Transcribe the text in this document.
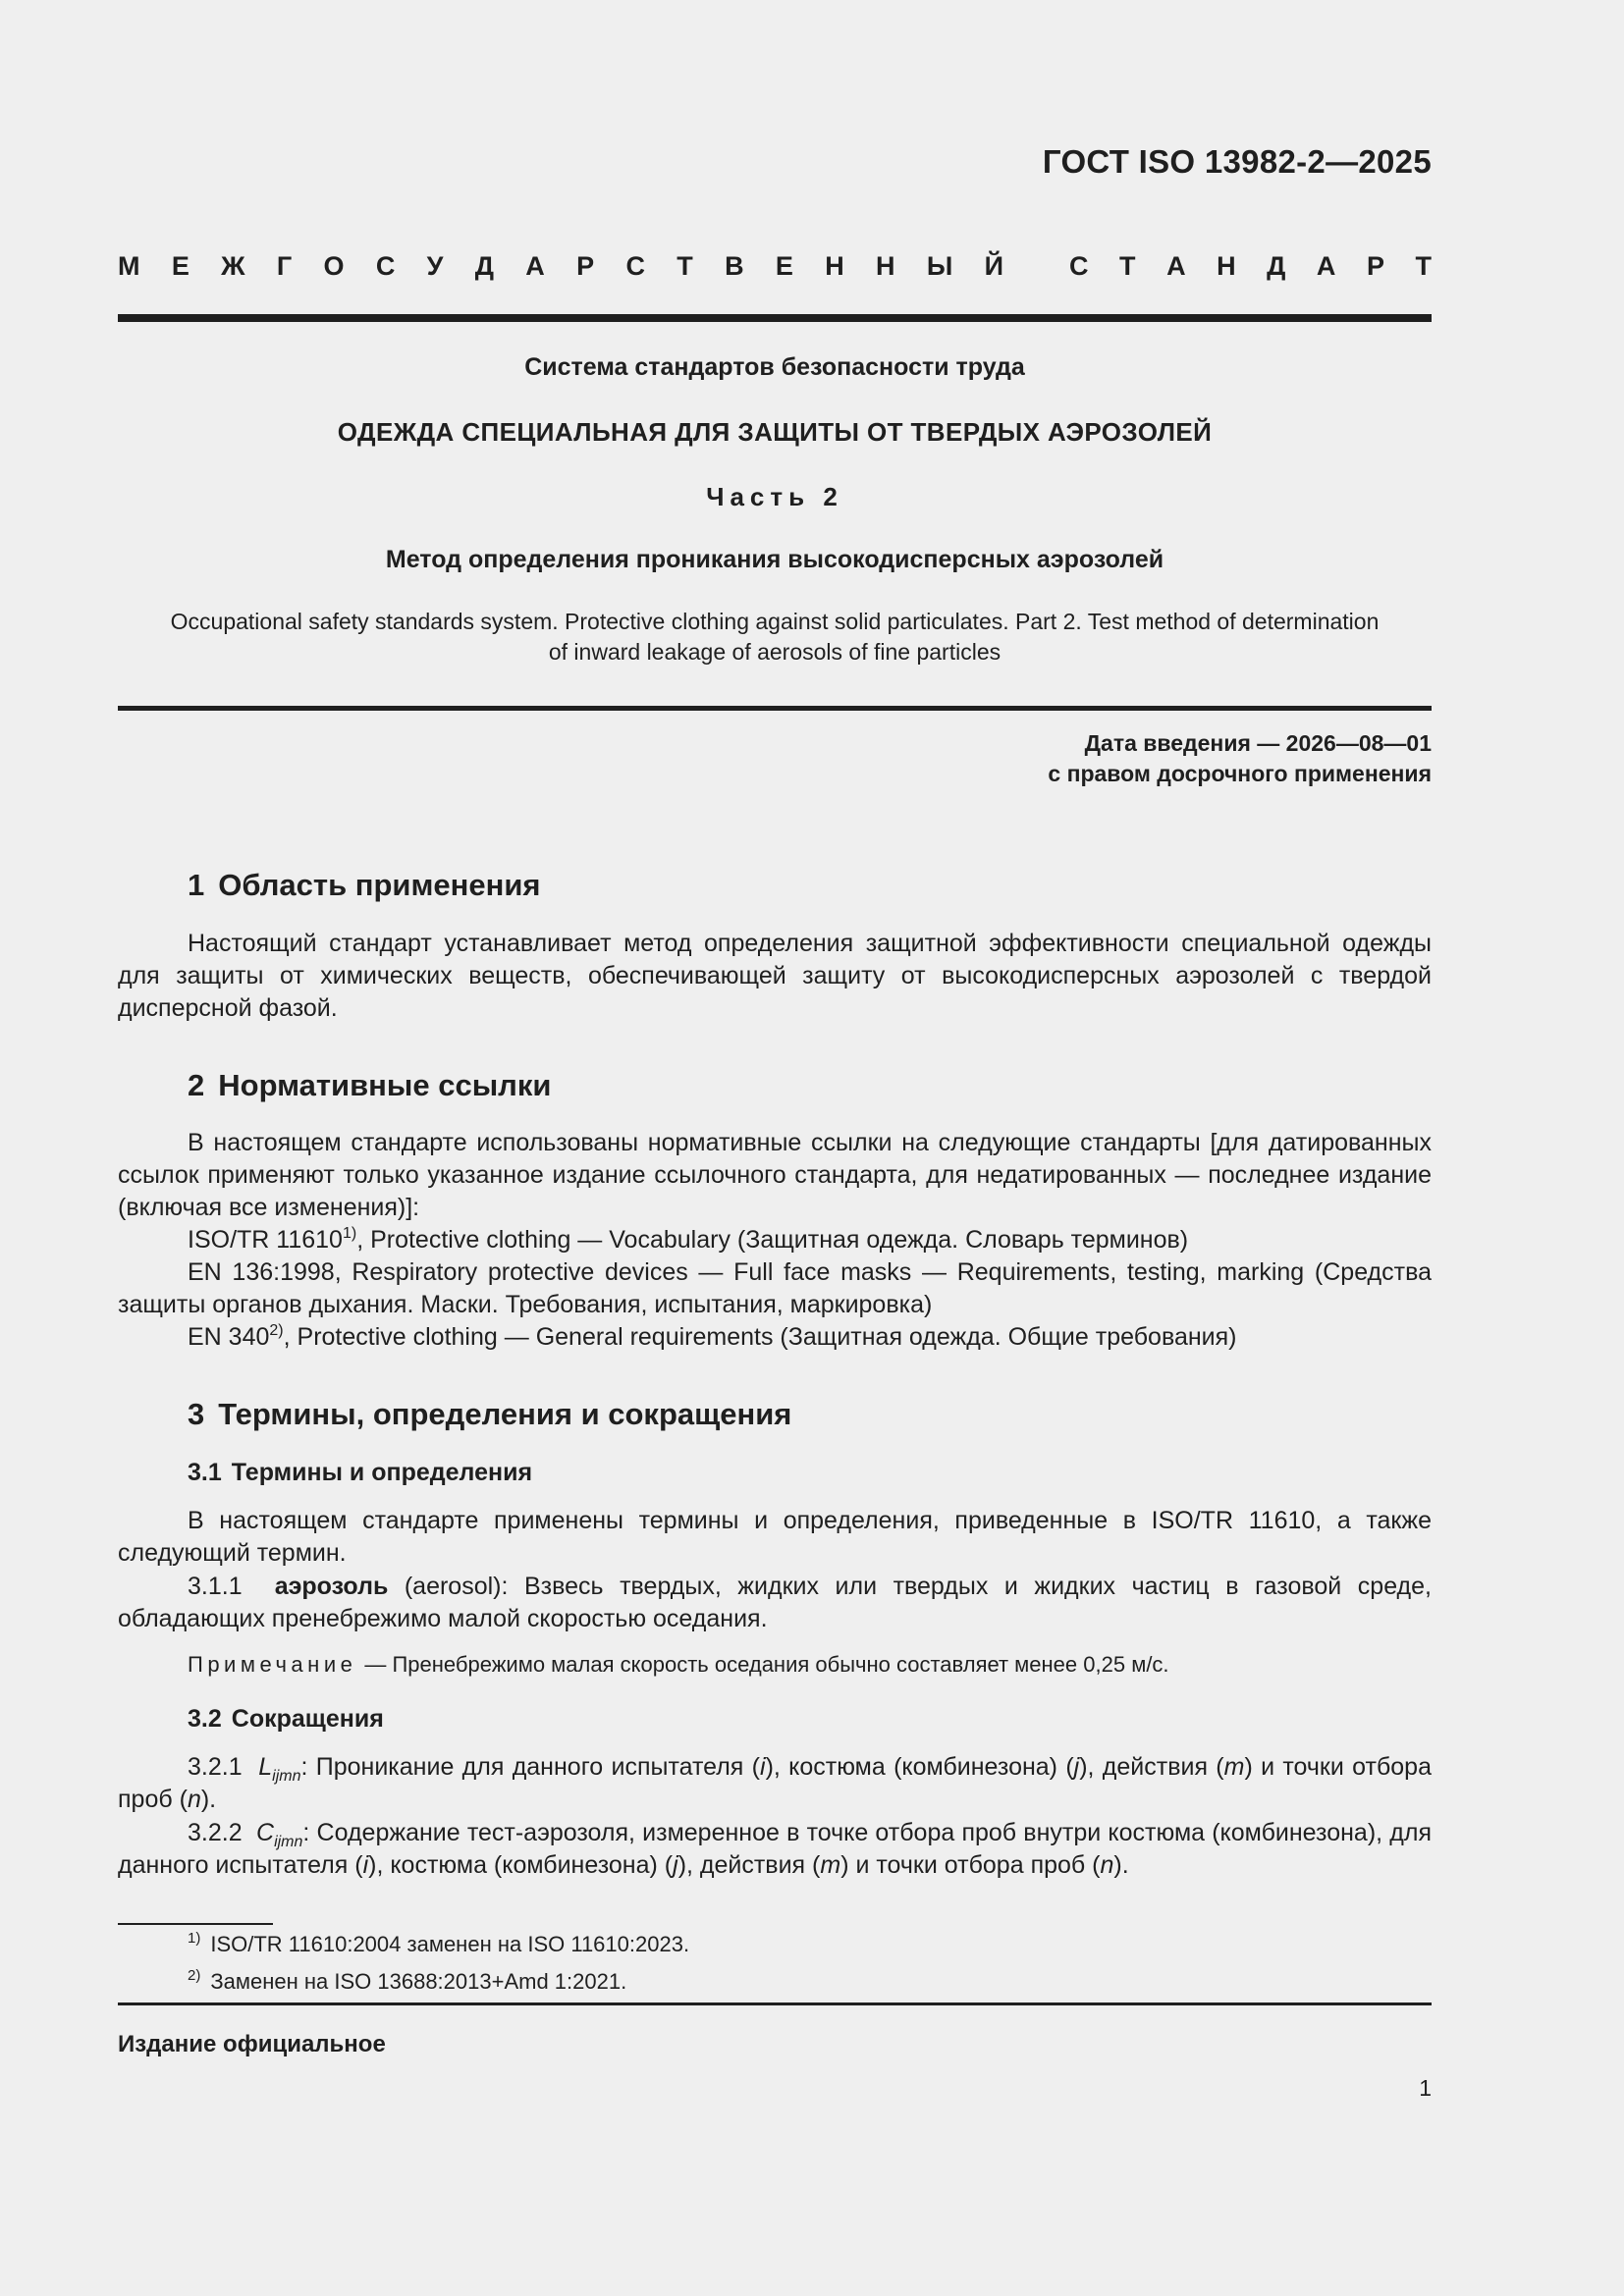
ГОСТ ISO 13982-2—2025
М Е Ж Г О С У Д А Р С Т В Е Н Н Ы Й С Т А Н Д А Р Т
Система стандартов безопасности труда
ОДЕЖДА СПЕЦИАЛЬНАЯ ДЛЯ ЗАЩИТЫ ОТ ТВЕРДЫХ АЭРОЗОЛЕЙ
Часть 2
Метод определения проникания высокодисперсных аэрозолей
Occupational safety standards system. Protective clothing against solid particulates. Part 2. Test method of determination
of inward leakage of aerosols of fine particles
Дата введения — 2026—08—01
с правом досрочного применения
1 Область применения
Настоящий стандарт устанавливает метод определения защитной эффективности специальной одежды для защиты от химических веществ, обеспечивающей защиту от высокодисперсных аэрозолей с твердой дисперсной фазой.
2 Нормативные ссылки
В настоящем стандарте использованы нормативные ссылки на следующие стандарты [для датированных ссылок применяют только указанное издание ссылочного стандарта, для недатированных — последнее издание (включая все изменения)]:
ISO/TR 11610$^{1)}$, Protective clothing — Vocabulary (Защитная одежда. Словарь терминов)
EN 136:1998, Respiratory protective devices — Full face masks — Requirements, testing, marking (Средства защиты органов дыхания. Маски. Требования, испытания, маркировка)
EN 340$^{2)}$, Protective clothing — General requirements (Защитная одежда. Общие требования)
3 Термины, определения и сокращения
3.1 Термины и определения
В настоящем стандарте применены термины и определения, приведенные в ISO/TR 11610, а также следующий термин.
3.1.1 аэрозоль (aerosol): Взвесь твердых, жидких или твердых и жидких частиц в газовой среде, обладающих пренебрежимо малой скоростью оседания.
Примечание — Пренебрежимо малая скорость оседания обычно составляет менее 0,25 м/с.
3.2 Сокращения
3.2.1 $L_{ijmn}$: Проникание для данного испытателя (i), костюма (комбинезона) (j), действия (m) и точки отбора проб (n).
3.2.2 $C_{ijmn}$: Содержание тест-аэрозоля, измеренное в точке отбора проб внутри костюма (комбинезона), для данного испытателя (i), костюма (комбинезона) (j), действия (m) и точки отбора проб (n).
$^{1)}$ ISO/TR 11610:2004 заменен на ISO 11610:2023.
$^{2)}$ Заменен на ISO 13688:2013+Amd 1:2021.
Издание официальное
1
